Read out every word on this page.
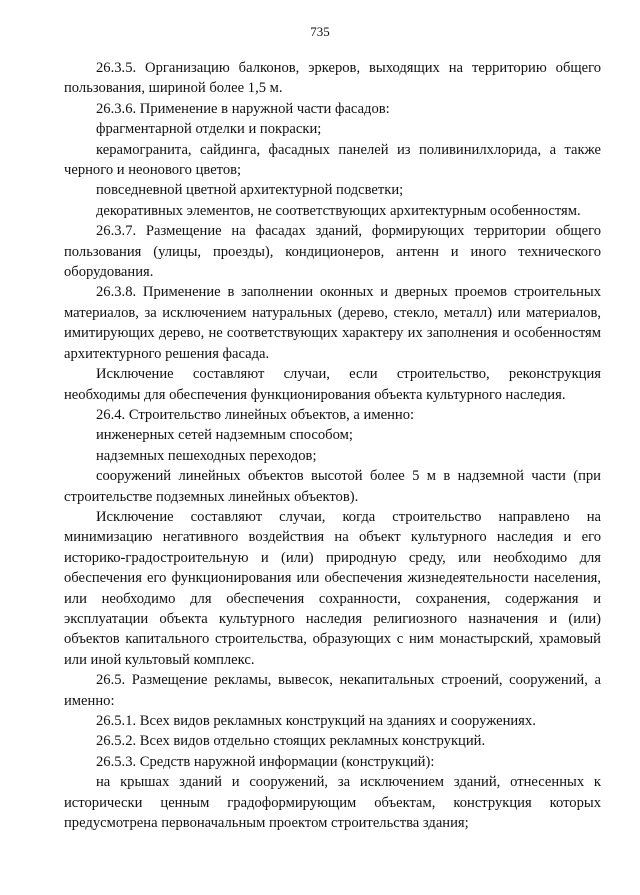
735

26.3.5. Организацию балконов, эркеров, выходящих на территорию общего пользования, шириной более 1,5 м.

26.3.6. Применение в наружной части фасадов:

фрагментарной отделки и покраски;

керамогранита, сайдинга, фасадных панелей из поливинилхлорида, а также черного и неонового цветов;

повседневной цветной архитектурной подсветки;

декоративных элементов, не соответствующих архитектурным особенностям.

26.3.7. Размещение на фасадах зданий, формирующих территории общего пользования (улицы, проезды), кондиционеров, антенн и иного технического оборудования.

26.3.8. Применение в заполнении оконных и дверных проемов строительных материалов, за исключением натуральных (дерево, стекло, металл) или материалов, имитирующих дерево, не соответствующих характеру их заполнения и особенностям архитектурного решения фасада.

Исключение составляют случаи, если строительство, реконструкция необходимы для обеспечения функционирования объекта культурного наследия.

26.4. Строительство линейных объектов, а именно:

инженерных сетей надземным способом;

надземных пешеходных переходов;

сооружений линейных объектов высотой более 5 м в надземной части (при строительстве подземных линейных объектов).

Исключение составляют случаи, когда строительство направлено на минимизацию негативного воздействия на объект культурного наследия и его историко-градостроительную и (или) природную среду, или необходимо для обеспечения его функционирования или обеспечения жизнедеятельности населения, или необходимо для обеспечения сохранности, сохранения, содержания и эксплуатации объекта культурного наследия религиозного назначения и (или) объектов капитального строительства, образующих с ним монастырский, храмовый или иной культовый комплекс.

26.5. Размещение рекламы, вывесок, некапитальных строений, сооружений, а именно:

26.5.1. Всех видов рекламных конструкций на зданиях и сооружениях.

26.5.2. Всех видов отдельно стоящих рекламных конструкций.

26.5.3. Средств наружной информации (конструкций):

на крышах зданий и сооружений, за исключением зданий, отнесенных к исторически ценным градоформирующим объектам, конструкция которых предусмотрена первоначальным проектом строительства здания;
